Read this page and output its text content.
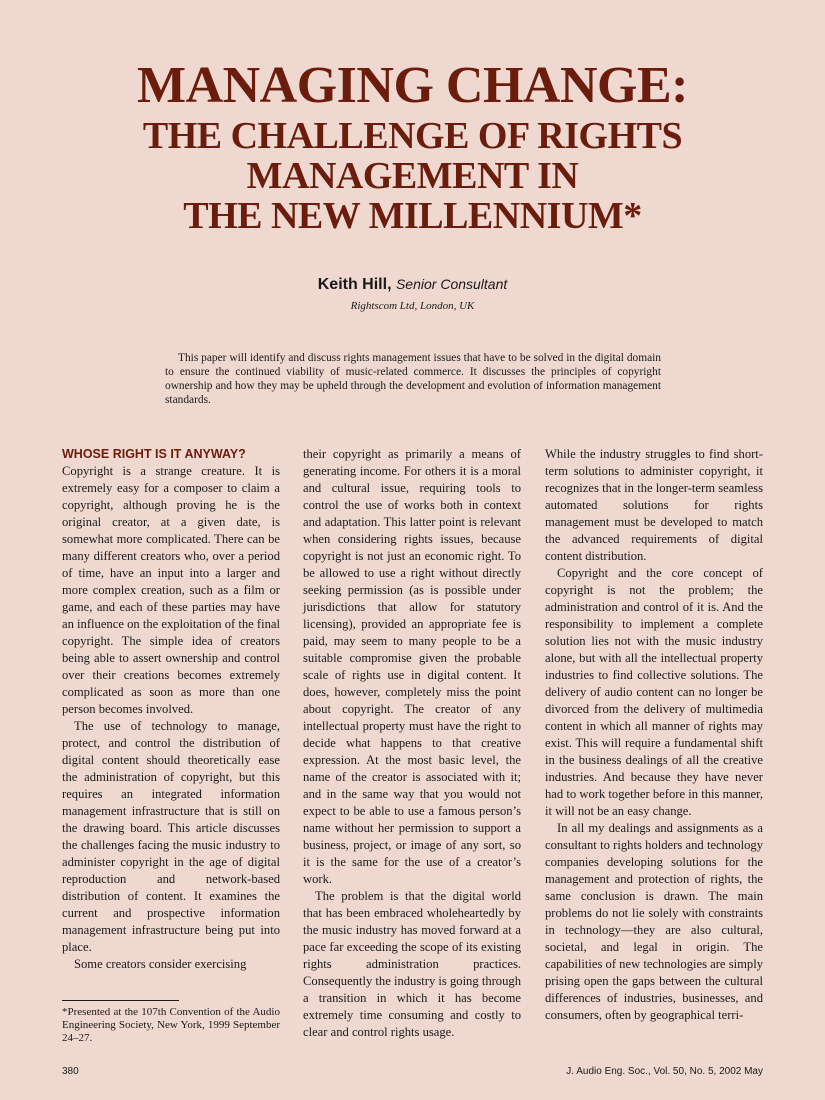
MANAGING CHANGE:
THE CHALLENGE OF RIGHTS
MANAGEMENT IN
THE NEW MILLENNIUM*
Keith Hill, Senior Consultant
Rightscom Ltd, London, UK
This paper will identify and discuss rights management issues that have to be solved in the digital domain to ensure the continued viability of music-related commerce. It discusses the principles of copyright ownership and how they may be upheld through the development and evolution of information management standards.
WHOSE RIGHT IS IT ANYWAY?

Copyright is a strange creature. It is extremely easy for a composer to claim a copyright, although proving he is the original creator, at a given date, is somewhat more complicated. There can be many different creators who, over a period of time, have an input into a larger and more complex creation, such as a film or game, and each of these parties may have an influence on the exploitation of the final copyright. The simple idea of creators being able to assert ownership and control over their creations becomes extremely complicated as soon as more than one person becomes involved.

The use of technology to manage, protect, and control the distribution of digital content should theoretically ease the administration of copyright, but this requires an integrated information management infrastructure that is still on the drawing board. This article discusses the challenges facing the music industry to administer copyright in the age of digital reproduction and network-based distribution of content. It examines the current and prospective information management infrastructure being put into place.

Some creators consider exercising

their copyright as primarily a means of generating income. For others it is a moral and cultural issue, requiring tools to control the use of works both in context and adaptation. This latter point is relevant when considering rights issues, because copyright is not just an economic right. To be allowed to use a right without directly seeking permission (as is possible under jurisdictions that allow for statutory licensing), provided an appropriate fee is paid, may seem to many people to be a suitable compromise given the probable scale of rights use in digital content. It does, however, completely miss the point about copyright. The creator of any intellectual property must have the right to decide what happens to that creative expression. At the most basic level, the name of the creator is associated with it; and in the same way that you would not expect to be able to use a famous person’s name without her permission to support a business, project, or image of any sort, so it is the same for the use of a creator’s work.

The problem is that the digital world that has been embraced wholeheartedly by the music industry has moved forward at a pace far exceeding the scope of its existing rights administration practices. Consequently the industry is going through a transition in which it has become extremely time consuming and costly to clear and control rights usage.

While the industry struggles to find short-term solutions to administer copyright, it recognizes that in the longer-term seamless automated solutions for rights management must be developed to match the advanced requirements of digital content distribution.

Copyright and the core concept of copyright is not the problem; the administration and control of it is. And the responsibility to implement a complete solution lies not with the music industry alone, but with all the intellectual property industries to find collective solutions. The delivery of audio content can no longer be divorced from the delivery of multimedia content in which all manner of rights may exist. This will require a fundamental shift in the business dealings of all the creative industries. And because they have never had to work together before in this manner, it will not be an easy change.

In all my dealings and assignments as a consultant to rights holders and technology companies developing solutions for the management and protection of rights, the same conclusion is drawn. The main problems do not lie solely with constraints in technology—they are also cultural, societal, and legal in origin. The capabilities of new technologies are simply prising open the gaps between the cultural differences of industries, businesses, and consumers, often by geographical terri-

*Presented at the 107th Convention of the Audio Engineering Society, New York, 1999 September 24–27.
380	J. Audio Eng. Soc., Vol. 50, No. 5, 2002 May
